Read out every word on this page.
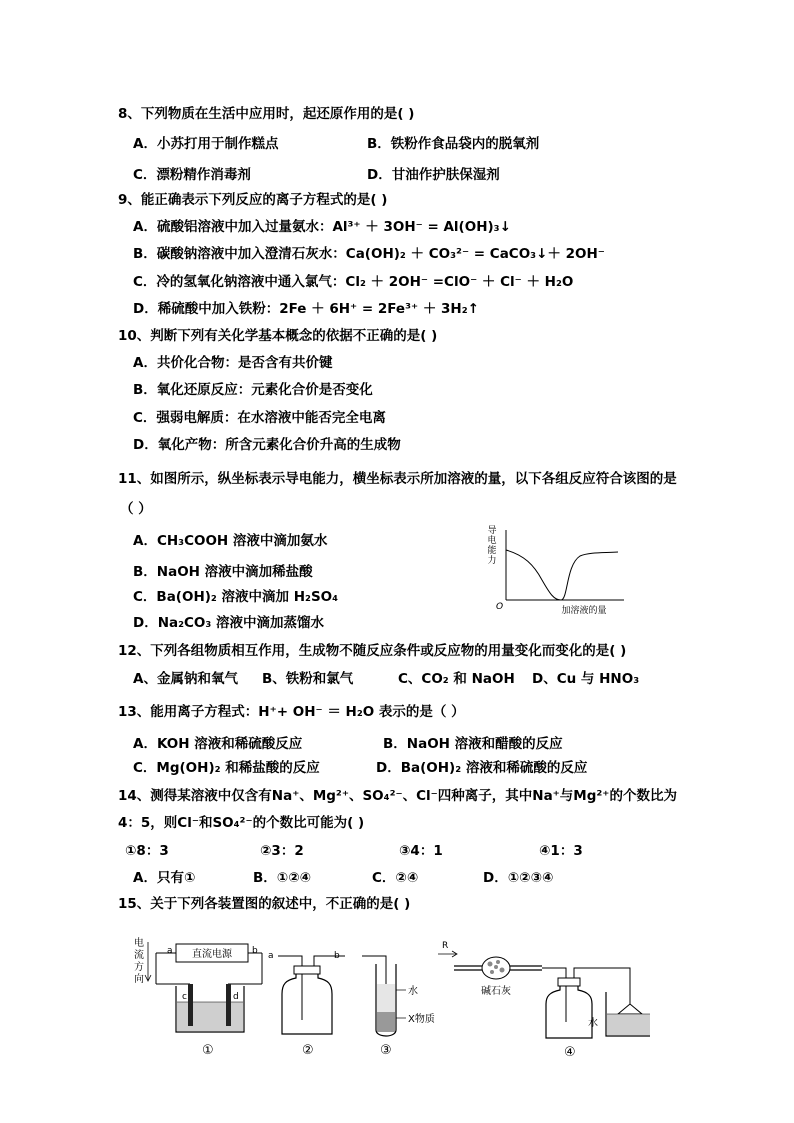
8、下列物质在生活中应用时，起还原作用的是( )
A．小苏打用于制作糕点	B．铁粉作食品袋内的脱氧剂
C．漂粉精作消毒剂	D．甘油作护肤保湿剂
9、能正确表示下列反应的离子方程式的是( )
A．硫酸铝溶液中加入过量氨水：Al³⁺ ＋ 3OH⁻ = Al(OH)₃↓
B．碳酸钠溶液中加入澄清石灰水：Ca(OH)₂ ＋ CO₃²⁻ = CaCO₃↓＋ 2OH⁻
C．冷的氢氧化钠溶液中通入氯气：Cl₂ ＋ 2OH⁻ =ClO⁻ ＋ Cl⁻ ＋ H₂O
D．稀硫酸中加入铁粉：2Fe ＋ 6H⁺ = 2Fe³⁺ ＋ 3H₂↑
10、判断下列有关化学基本概念的依据不正确的是( )
A．共价化合物：是否含有共价键
B．氧化还原反应：元素化合价是否变化
C．强弱电解质：在水溶液中能否完全电离
D．氧化产物：所含元素化合价升高的生成物
11、如图所示，纵坐标表示导电能力，横坐标表示所加溶液的量，以下各组反应符合该图的是
（ ）
A．CH₃COOH 溶液中滴加氨水
B．NaOH 溶液中滴加稀盐酸
C．Ba(OH)₂ 溶液中滴加 H₂SO₄
D．Na₂CO₃ 溶液中滴加蒸馏水
导
电
能
力
O	加溶液的量
12、下列各组物质相互作用，生成物不随反应条件或反应物的用量变化而变化的是( )
A、金属钠和氧气 B、铁粉和氯气	C、CO₂ 和 NaOH D、Cu 与 HNO₃
13、能用离子方程式：H⁺+ OH⁻ ＝ H₂O 表示的是（ ）
A．KOH 溶液和稀硫酸反应	B．NaOH 溶液和醋酸的反应
C．Mg(OH)₂ 和稀盐酸的反应	D．Ba(OH)₂ 溶液和稀硫酸的反应
14、测得某溶液中仅含有Na⁺、Mg²⁺、SO₄²⁻、Cl⁻四种离子，其中Na⁺与Mg²⁺的个数比为
4：5，则Cl⁻和SO₄²⁻的个数比可能为( )
①8：3	②3：2	③4：1	④1：3
A．只有①	B．①②④	C．②④	D．①②③④
15、关于下列各装置图的叙述中，不正确的是( )
电
流
方
向
a 直流电源 b
c	d
①
a	b
②
水
X物质
③
R
碱石灰
水
④
